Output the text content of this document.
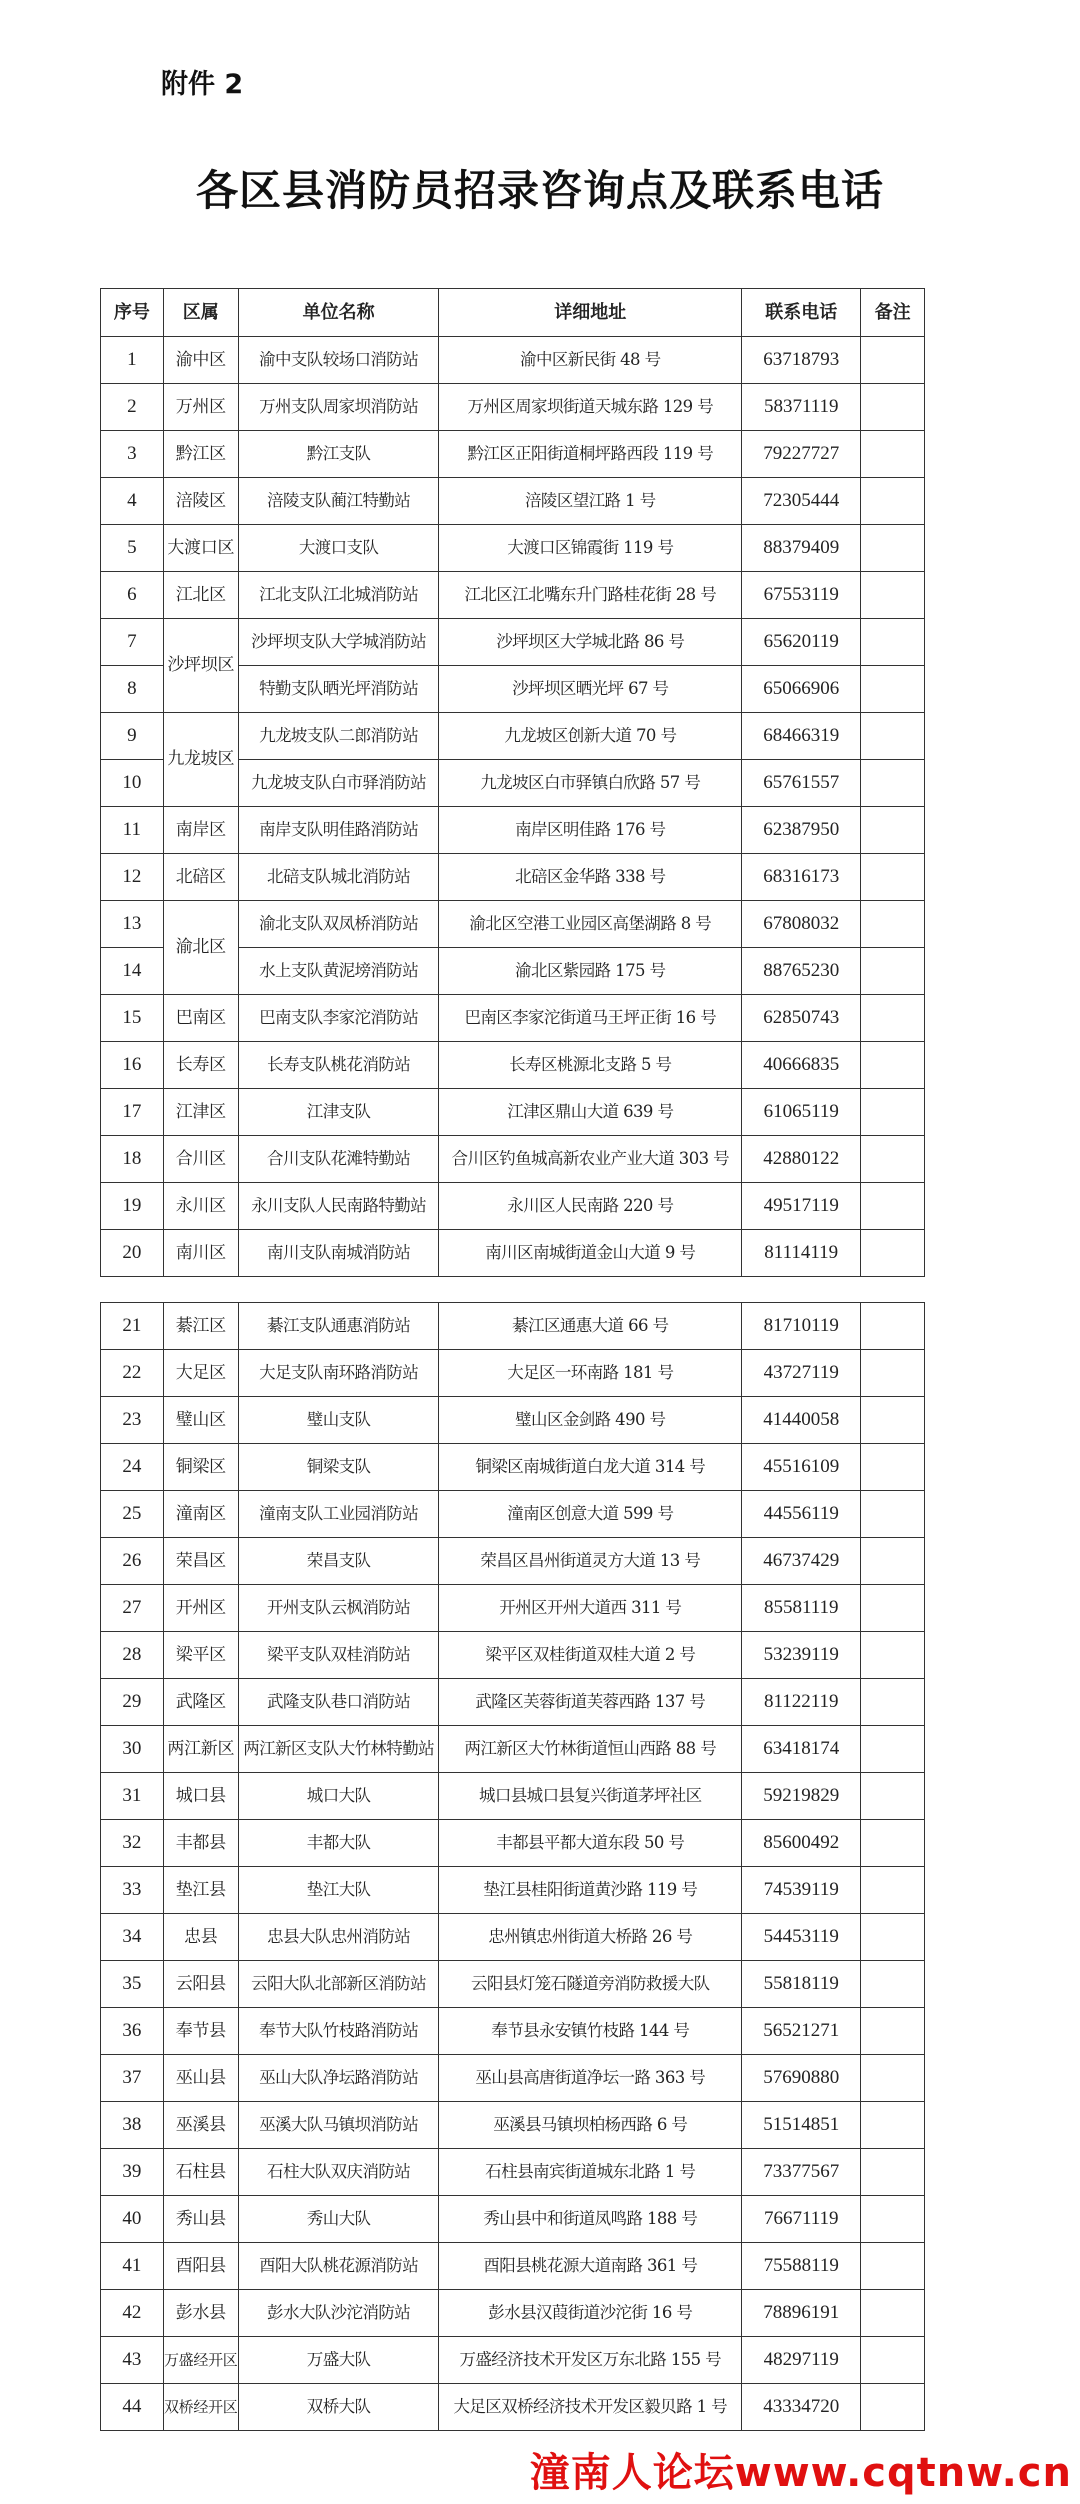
附件 2
各区县消防员招录咨询点及联系电话
序号	区属	单位名称	详细地址	联系电话	备注
1	渝中区	渝中支队较场口消防站	渝中区新民街 48 号	63718793	
2	万州区	万州支队周家坝消防站	万州区周家坝街道天城东路 129 号	58371119	
3	黔江区	黔江支队	黔江区正阳街道桐坪路西段 119 号	79227727	
4	涪陵区	涪陵支队蔺江特勤站	涪陵区望江路 1 号	72305444	
5	大渡口区	大渡口支队	大渡口区锦霞街 119 号	88379409	
6	江北区	江北支队江北城消防站	江北区江北嘴东升门路桂花街 28 号	67553119	
7	沙坪坝区	沙坪坝支队大学城消防站	沙坪坝区大学城北路 86 号	65620119	
8		特勤支队晒光坪消防站	沙坪坝区晒光坪 67 号	65066906	
9	九龙坡区	九龙坡支队二郎消防站	九龙坡区创新大道 70 号	68466319	
10		九龙坡支队白市驿消防站	九龙坡区白市驿镇白欣路 57 号	65761557	
11	南岸区	南岸支队明佳路消防站	南岸区明佳路 176 号	62387950	
12	北碚区	北碚支队城北消防站	北碚区金华路 338 号	68316173	
13	渝北区	渝北支队双凤桥消防站	渝北区空港工业园区高堡湖路 8 号	67808032	
14		水上支队黄泥塝消防站	渝北区紫园路 175 号	88765230	
15	巴南区	巴南支队李家沱消防站	巴南区李家沱街道马王坪正街 16 号	62850743	
16	长寿区	长寿支队桃花消防站	长寿区桃源北支路 5 号	40666835	
17	江津区	江津支队	江津区鼎山大道 639 号	61065119	
18	合川区	合川支队花滩特勤站	合川区钓鱼城高新农业产业大道 303 号	42880122	
19	永川区	永川支队人民南路特勤站	永川区人民南路 220 号	49517119	
20	南川区	南川支队南城消防站	南川区南城街道金山大道 9 号	81114119	
21	綦江区	綦江支队通惠消防站	綦江区通惠大道 66 号	81710119	
22	大足区	大足支队南环路消防站	大足区一环南路 181 号	43727119	
23	璧山区	璧山支队	璧山区金剑路 490 号	41440058	
24	铜梁区	铜梁支队	铜梁区南城街道白龙大道 314 号	45516109	
25	潼南区	潼南支队工业园消防站	潼南区创意大道 599 号	44556119	
26	荣昌区	荣昌支队	荣昌区昌州街道灵方大道 13 号	46737429	
27	开州区	开州支队云枫消防站	开州区开州大道西 311 号	85581119	
28	梁平区	梁平支队双桂消防站	梁平区双桂街道双桂大道 2 号	53239119	
29	武隆区	武隆支队巷口消防站	武隆区芙蓉街道芙蓉西路 137 号	81122119	
30	两江新区	两江新区支队大竹林特勤站	两江新区大竹林街道恒山西路 88 号	63418174	
31	城口县	城口大队	城口县城口县复兴街道茅坪社区	59219829	
32	丰都县	丰都大队	丰都县平都大道东段 50 号	85600492	
33	垫江县	垫江大队	垫江县桂阳街道黄沙路 119 号	74539119	
34	忠县	忠县大队忠州消防站	忠州镇忠州街道大桥路 26 号	54453119	
35	云阳县	云阳大队北部新区消防站	云阳县灯笼石隧道旁消防救援大队	55818119	
36	奉节县	奉节大队竹枝路消防站	奉节县永安镇竹枝路 144 号	56521271	
37	巫山县	巫山大队净坛路消防站	巫山县高唐街道净坛一路 363 号	57690880	
38	巫溪县	巫溪大队马镇坝消防站	巫溪县马镇坝柏杨西路 6 号	51514851	
39	石柱县	石柱大队双庆消防站	石柱县南宾街道城东北路 1 号	73377567	
40	秀山县	秀山大队	秀山县中和街道凤鸣路 188 号	76671119	
41	酉阳县	酉阳大队桃花源消防站	酉阳县桃花源大道南路 361 号	75588119	
42	彭水县	彭水大队沙沱消防站	彭水县汉葭街道沙沱街 16 号	78896191	
43	万盛经开区	万盛大队	万盛经济技术开发区万东北路 155 号	48297119	
44	双桥经开区	双桥大队	大足区双桥经济技术开发区毅贝路 1 号	43334720	
潼南人论坛www.cqtnw.cn
